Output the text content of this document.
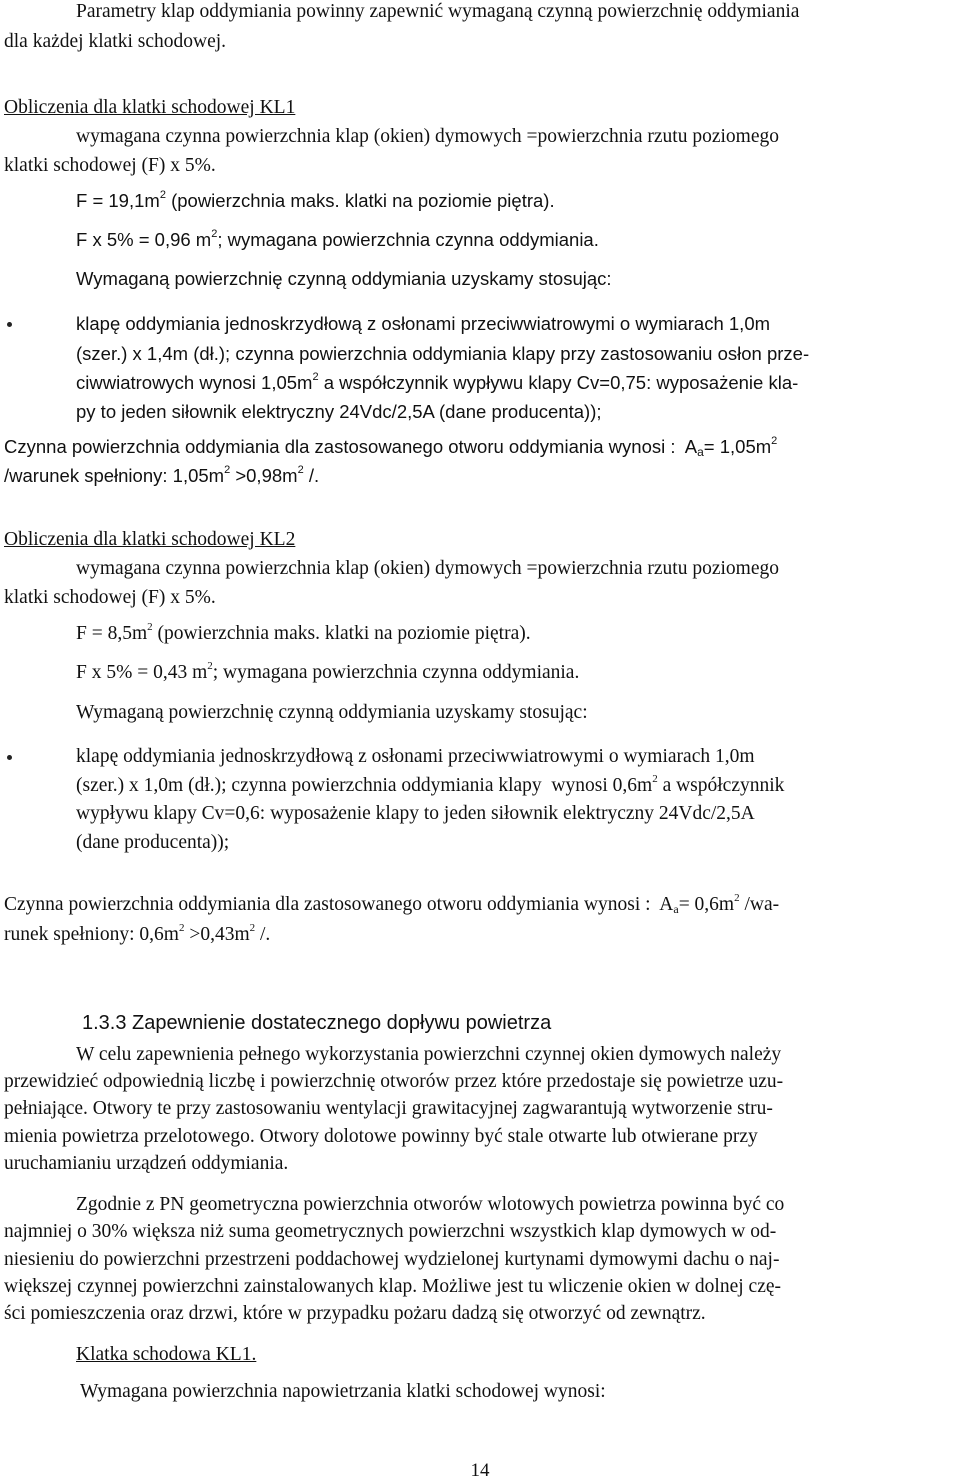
Parametry klap oddymiania powinny zapewnić wymaganą czynną powierzchnię oddymiania

dla każdej klatki schodowej.

Obliczenia dla klatki schodowej KL1

wymagana czynna powierzchnia klap (okien) dymowych =powierzchnia rzutu poziomego

klatki schodowej (F) x 5%.

$F = 19,1m^2$ (powierzchnia maks. klatki na poziomie piętra).

F x 5% = 0,96 $m^2$; wymagana powierzchnia czynna oddymiania.

Wymaganą powierzchnię czynną oddymiania uzyskamy stosując:

klapę oddymiania jednoskrzydłową z osłonami przeciwwiatrowymi o wymiarach 1,0m

(szer.) x 1,4m (dł.); czynna powierzchnia oddymiania klapy przy zastosowaniu osłon prze-

ciwwiatrowych wynosi $1,05m^2$ a współczynnik wypływu klapy Cv=0,75: wyposażenie kla-

py to jeden siłownik elektryczny 24Vdc/2,5A (dane producenta));

Czynna powierzchnia oddymiania dla zastosowanego otworu oddymiania wynosi :  $A_a= 1,05m^2$

/warunek spełniony: $1,05m^2 >0,98m^2$ /.

Obliczenia dla klatki schodowej KL2

wymagana czynna powierzchnia klap (okien) dymowych =powierzchnia rzutu poziomego

klatki schodowej (F) x 5%.

$F = 8,5m^2$ (powierzchnia maks. klatki na poziomie piętra).

F x 5% = 0,43 $m^2$; wymagana powierzchnia czynna oddymiania.

Wymaganą powierzchnię czynną oddymiania uzyskamy stosując:

klapę oddymiania jednoskrzydłową z osłonami przeciwwiatrowymi o wymiarach 1,0m

(szer.) x 1,0m (dł.); czynna powierzchnia oddymiania klapy  wynosi $0,6m^2$ a współczynnik

wypływu klapy Cv=0,6: wyposażenie klapy to jeden siłownik elektryczny 24Vdc/2,5A

(dane producenta));

Czynna powierzchnia oddymiania dla zastosowanego otworu oddymiania wynosi :  $A_a= 0,6m^2$ /wa-

runek spełniony: $0,6m^2 >0,43m^2$ /.

1.3.3 Zapewnienie dostatecznego dopływu powietrza

W celu zapewnienia pełnego wykorzystania powierzchni czynnej okien dymowych należy

przewidzieć odpowiednią liczbę i powierzchnię otworów przez które przedostaje się powietrze uzu-

pełniające. Otwory te przy zastosowaniu wentylacji grawitacyjnej zagwarantują wytworzenie stru-

mienia powietrza przelotowego. Otwory dolotowe powinny być stale otwarte lub otwierane przy

uruchamianiu urządzeń oddymiania.

Zgodnie z PN geometryczna powierzchnia otworów wlotowych powietrza powinna być co

najmniej o 30% większa niż suma geometrycznych powierzchni wszystkich klap dymowych w od-

niesieniu do powierzchni przestrzeni poddachowej wydzielonej kurtynami dymowymi dachu o naj-

większej czynnej powierzchni zainstalowanych klap. Możliwe jest tu wliczenie okien w dolnej czę-

ści pomieszczenia oraz drzwi, które w przypadku pożaru dadzą się otworzyć od zewnątrz.

Klatka schodowa KL1.

Wymagana powierzchnia napowietrzania klatki schodowej wynosi:

14
